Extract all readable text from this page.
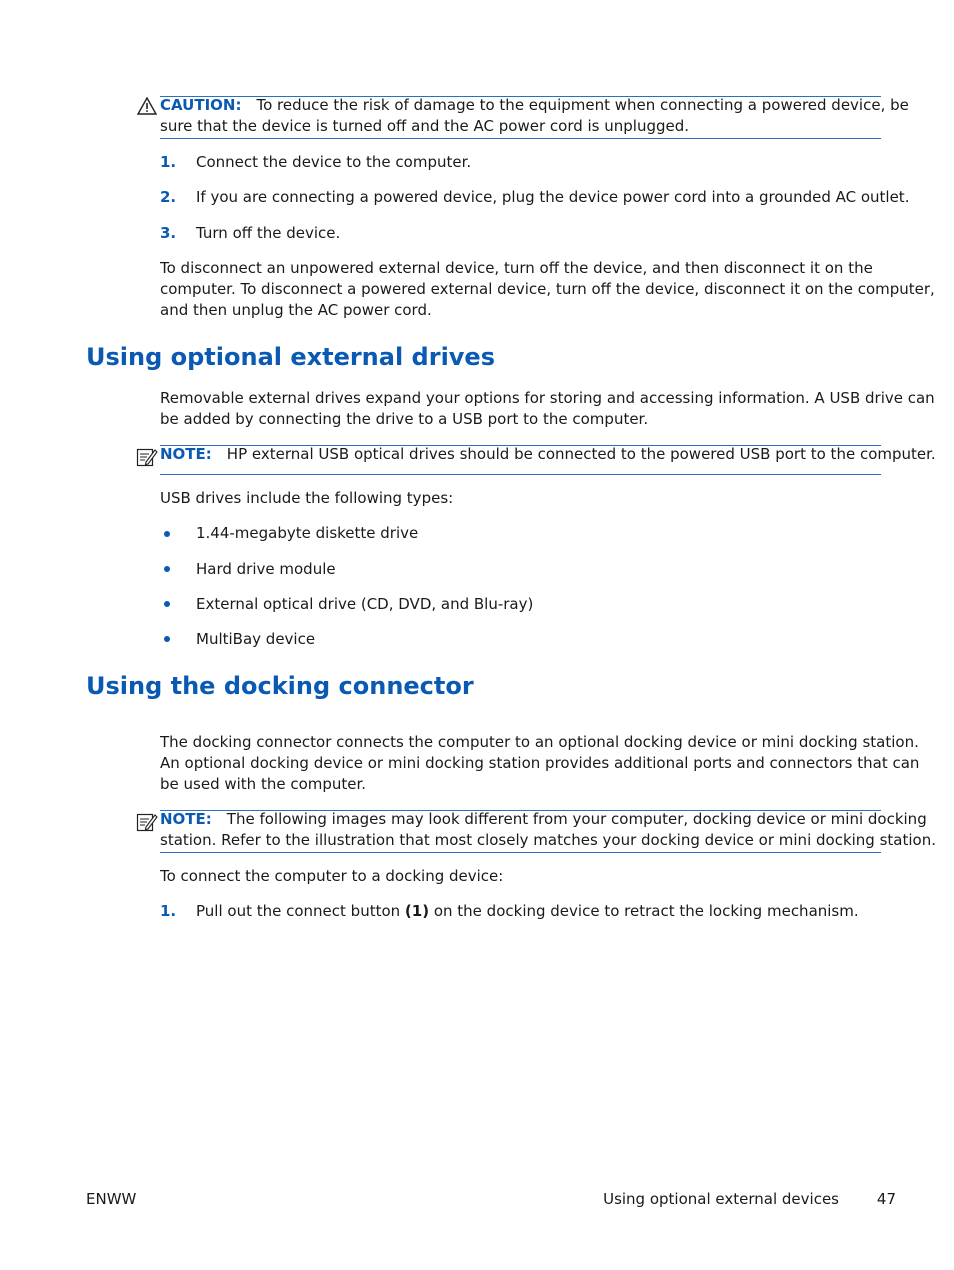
CAUTION: To reduce the risk of damage to the equipment when connecting a powered device, be
sure that the device is turned off and the AC power cord is unplugged.
1. Connect the device to the computer.
2. If you are connecting a powered device, plug the device power cord into a grounded AC outlet.
3. Turn off the device.
To disconnect an unpowered external device, turn off the device, and then disconnect it on the
computer. To disconnect a powered external device, turn off the device, disconnect it on the computer,
and then unplug the AC power cord.
Using optional external drives
Removable external drives expand your options for storing and accessing information. A USB drive can
be added by connecting the drive to a USB port to the computer.
NOTE: HP external USB optical drives should be connected to the powered USB port to the computer.
USB drives include the following types:
1.44-megabyte diskette drive
Hard drive module
External optical drive (CD, DVD, and Blu-ray)
MultiBay device
Using the docking connector
The docking connector connects the computer to an optional docking device or mini docking station.
An optional docking device or mini docking station provides additional ports and connectors that can
be used with the computer.
NOTE: The following images may look different from your computer, docking device or mini docking
station. Refer to the illustration that most closely matches your docking device or mini docking station.
To connect the computer to a docking device:
1. Pull out the connect button (1) on the docking device to retract the locking mechanism.
ENWW	Using optional external devices	47
